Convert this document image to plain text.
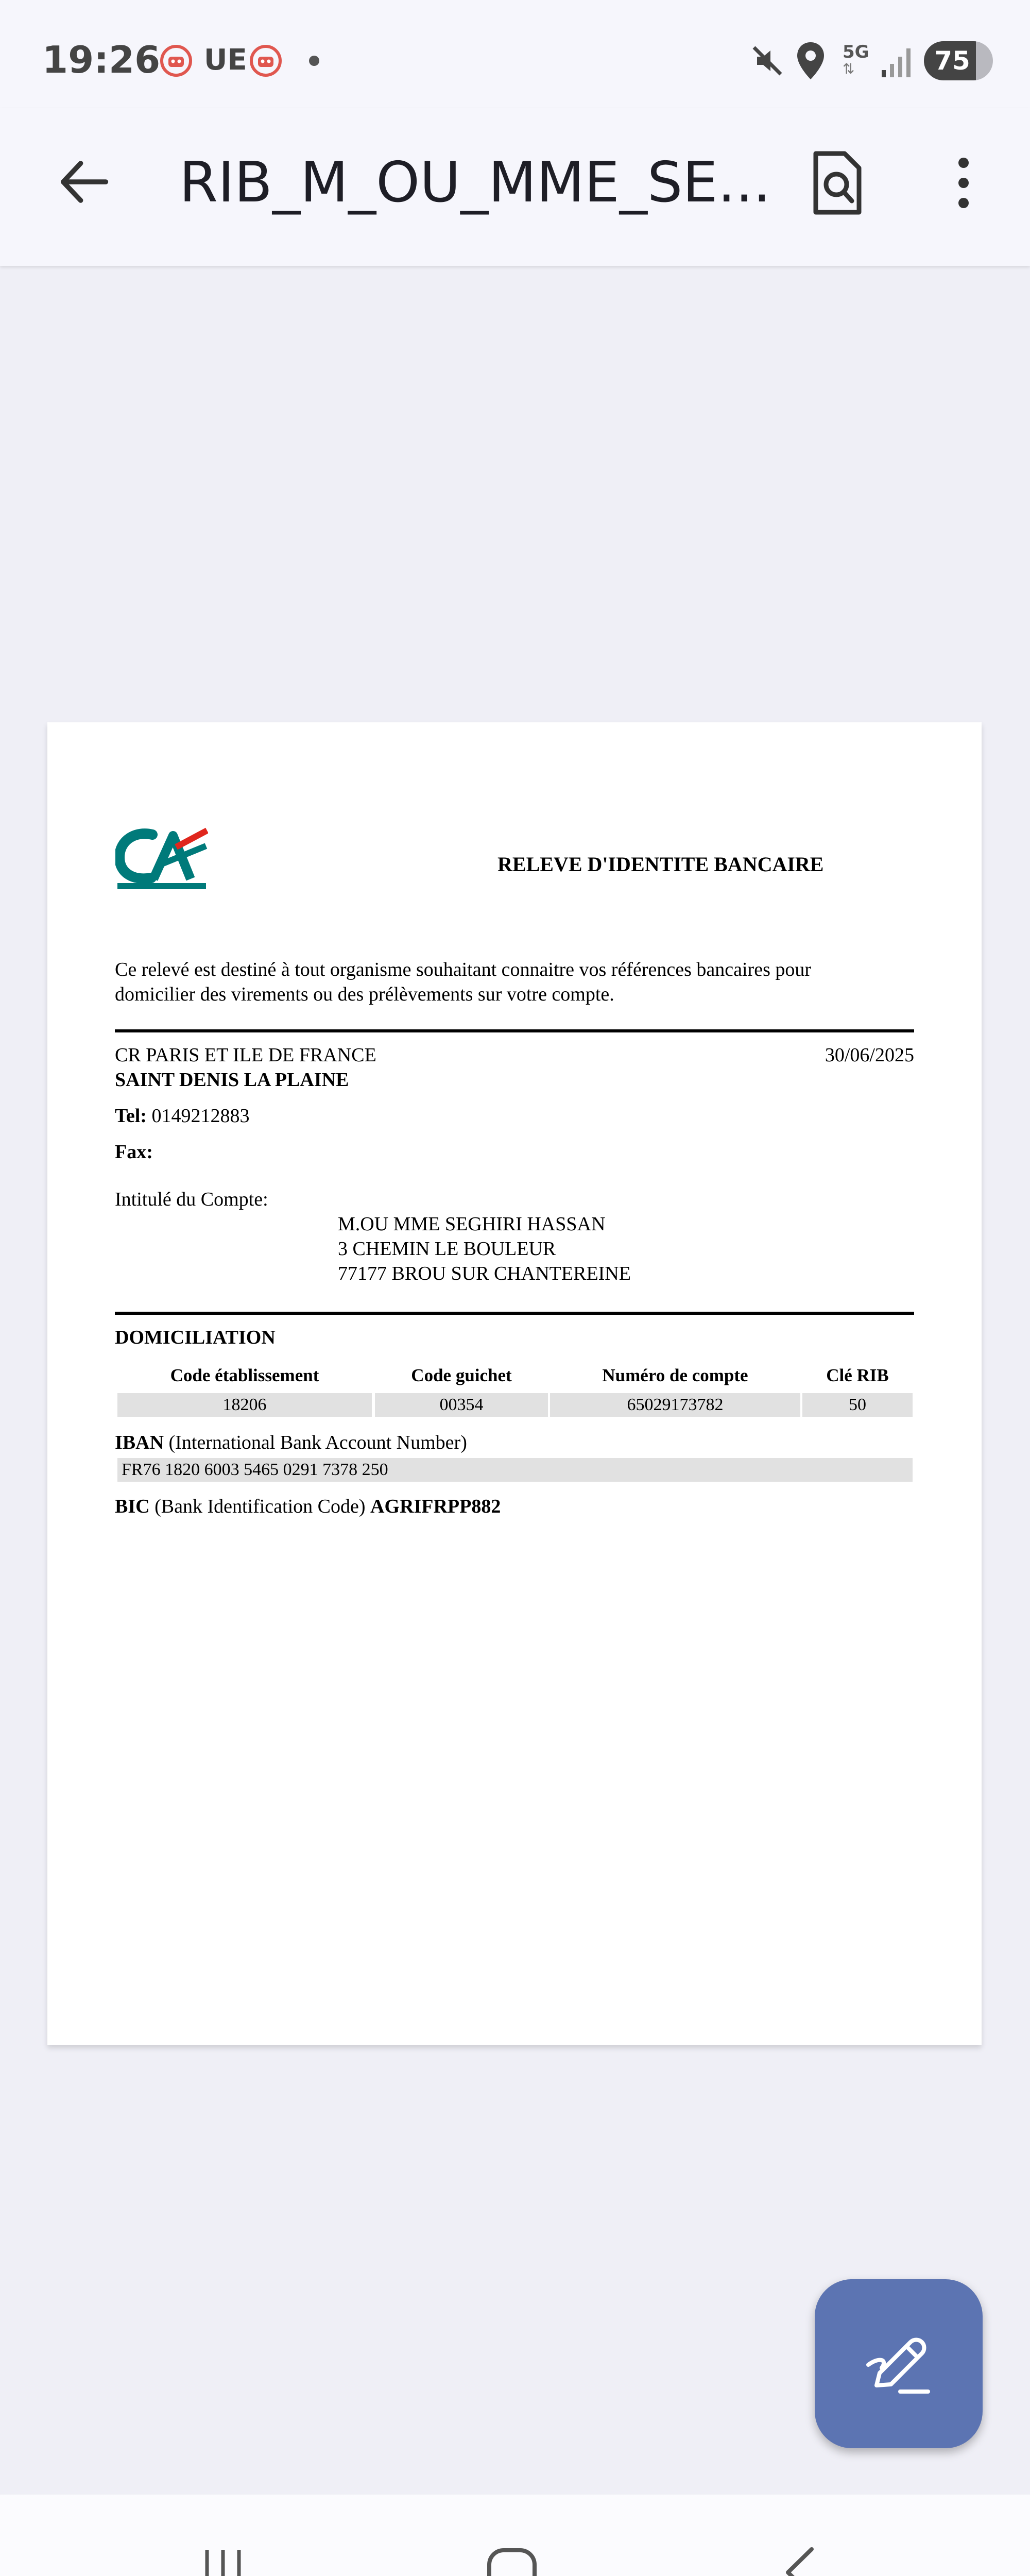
19:26 UE	5G
⇅	75
RIB_M_OU_MME_SE...
RELEVE D'IDENTITE BANCAIRE
Ce relevé est destiné à tout organisme souhaitant connaitre vos références bancaires pour
domicilier des virements ou des prélèvements sur votre compte.
CR PARIS ET ILE DE FRANCE	30/06/2025
SAINT DENIS LA PLAINE
Tel: 0149212883
Fax:
Intitulé du Compte:
M.OU MME SEGHIRI HASSAN
3 CHEMIN LE BOULEUR
77177 BROU SUR CHANTEREINE
DOMICILIATION
Code établissement	Code guichet	Numéro de compte	Clé RIB
18206	00354	65029173782	50
IBAN (International Bank Account Number)
FR76 1820 6003 5465 0291 7378 250
BIC (Bank Identification Code) AGRIFRPP882
